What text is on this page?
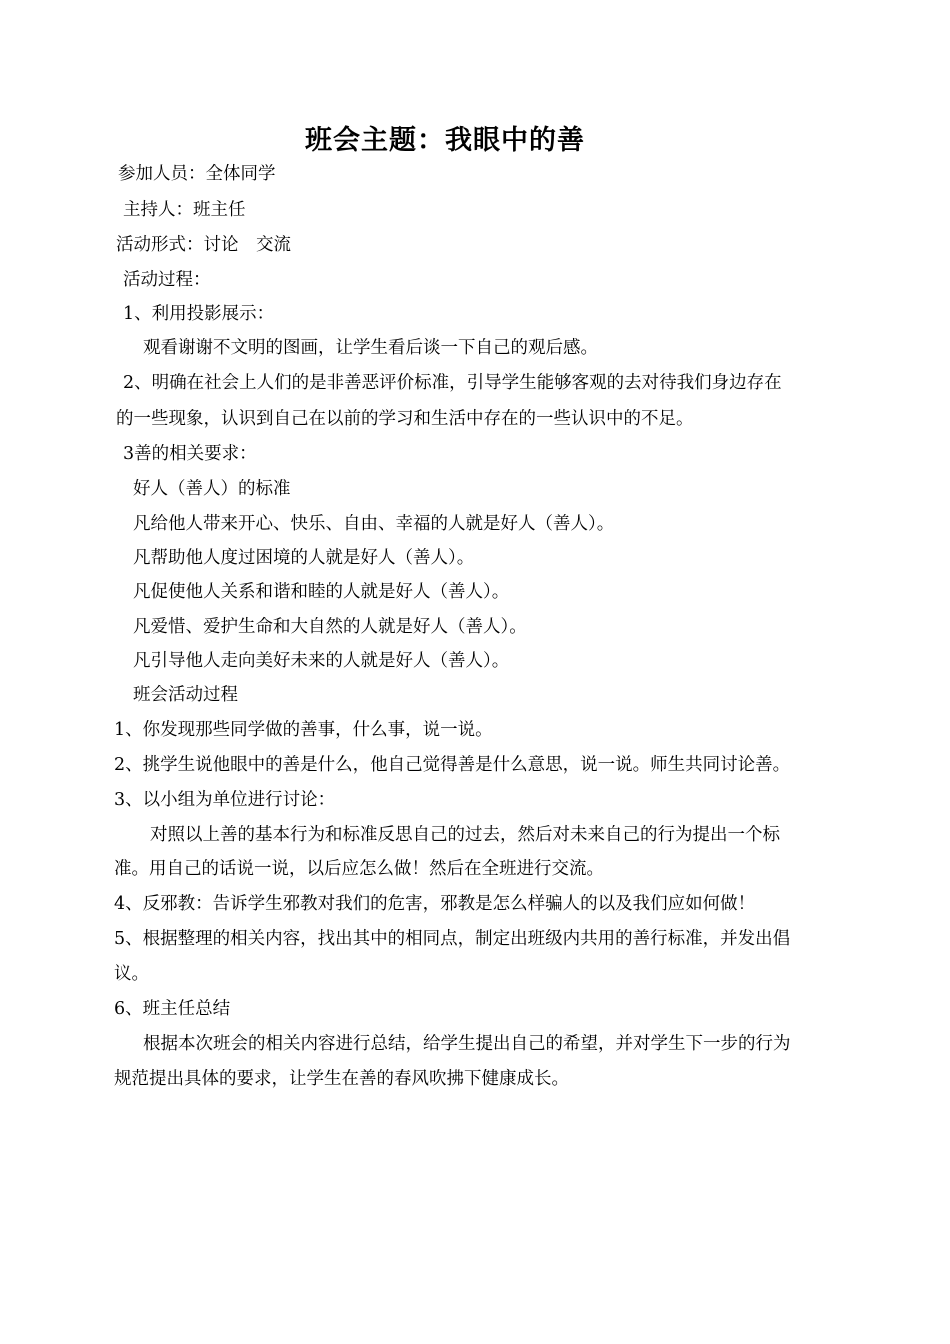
班会主题：我眼中的善
参加人员：全体同学
主持人：班主任
活动形式：讨论　交流
活动过程：
1、利用投影展示：
观看谢谢不文明的图画，让学生看后谈一下自己的观后感。
2、明确在社会上人们的是非善恶评价标准，引导学生能够客观的去对待我们身边存在
的一些现象，认识到自己在以前的学习和生活中存在的一些认识中的不足。
3善的相关要求：
好人（善人）的标准
凡给他人带来开心、快乐、自由、幸福的人就是好人（善人）。
凡帮助他人度过困境的人就是好人（善人）。
凡促使他人关系和谐和睦的人就是好人（善人）。
凡爱惜、爱护生命和大自然的人就是好人（善人）。
凡引导他人走向美好未来的人就是好人（善人）。
班会活动过程
1、你发现那些同学做的善事，什么事，说一说。
2、挑学生说他眼中的善是什么，他自己觉得善是什么意思，说一说。师生共同讨论善。
3、以小组为单位进行讨论：
对照以上善的基本行为和标准反思自己的过去，然后对未来自己的行为提出一个标
准。用自己的话说一说，以后应怎么做！然后在全班进行交流。
4、反邪教：告诉学生邪教对我们的危害，邪教是怎么样骗人的以及我们应如何做！
5、根据整理的相关内容，找出其中的相同点，制定出班级内共用的善行标准，并发出倡
议。
6、班主任总结
根据本次班会的相关内容进行总结，给学生提出自己的希望，并对学生下一步的行为
规范提出具体的要求，让学生在善的春风吹拂下健康成长。
